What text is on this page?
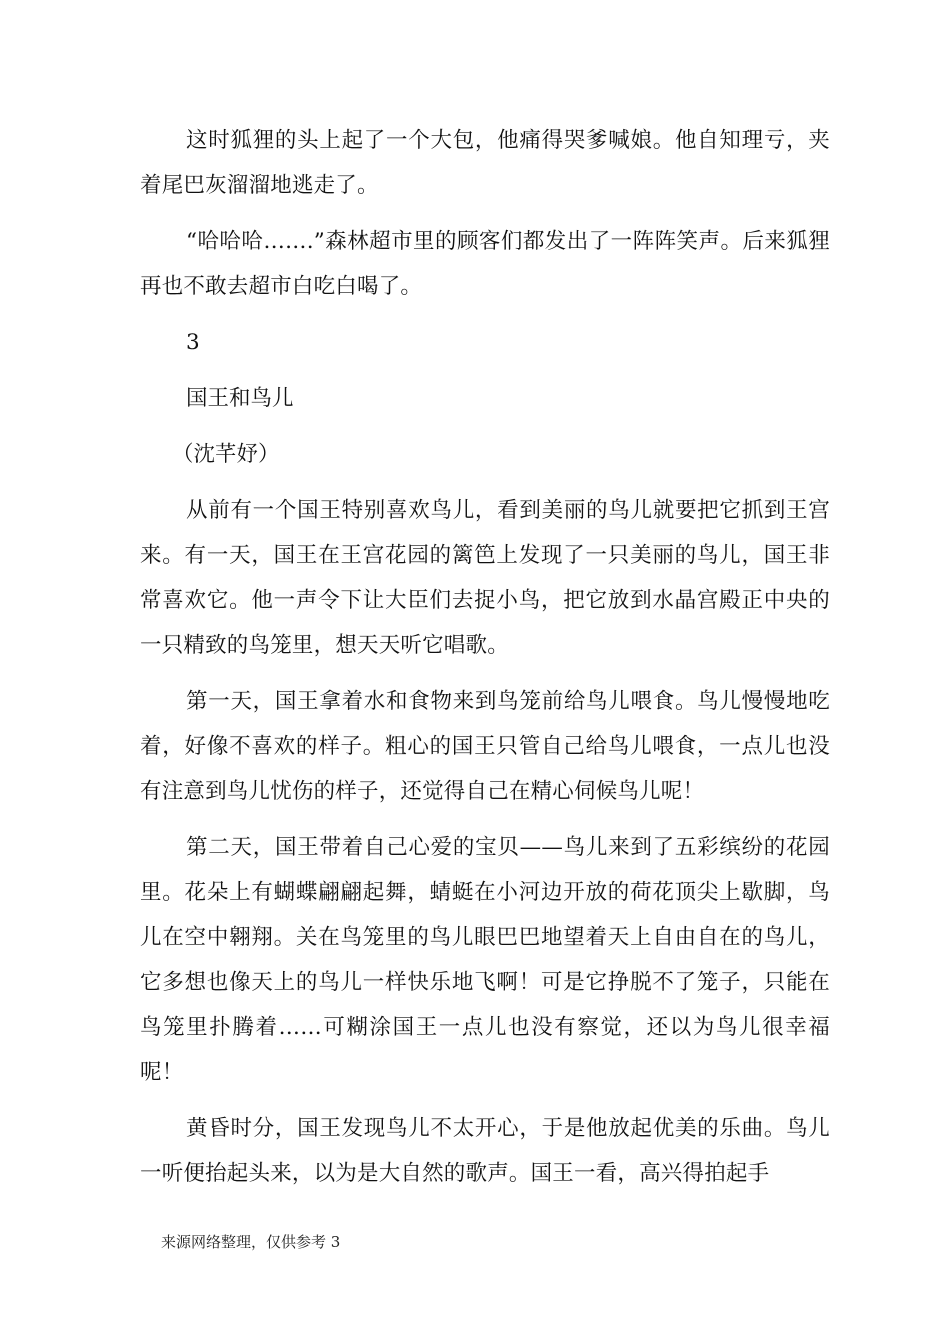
这时狐狸的头上起了一个大包，他痛得哭爹喊娘。他自知理亏，夹着尾巴灰溜溜地逃走了。

“哈哈哈…….”森林超市里的顾客们都发出了一阵阵笑声。后来狐狸再也不敢去超市白吃白喝了。

3

国王和鸟儿

（沈芊妤）

从前有一个国王特别喜欢鸟儿，看到美丽的鸟儿就要把它抓到王宫来。有一天，国王在王宫花园的篱笆上发现了一只美丽的鸟儿，国王非常喜欢它。他一声令下让大臣们去捉小鸟，把它放到水晶宫殿正中央的一只精致的鸟笼里，想天天听它唱歌。

第一天，国王拿着水和食物来到鸟笼前给鸟儿喂食。鸟儿慢慢地吃着，好像不喜欢的样子。粗心的国王只管自己给鸟儿喂食，一点儿也没有注意到鸟儿忧伤的样子，还觉得自己在精心伺候鸟儿呢！

第二天，国王带着自己心爱的宝贝——鸟儿来到了五彩缤纷的花园里。花朵上有蝴蝶翩翩起舞，蜻蜓在小河边开放的荷花顶尖上歇脚，鸟儿在空中翱翔。关在鸟笼里的鸟儿眼巴巴地望着天上自由自在的鸟儿，它多想也像天上的鸟儿一样快乐地飞啊！可是它挣脱不了笼子，只能在鸟笼里扑腾着……可糊涂国王一点儿也没有察觉，还以为鸟儿很幸福呢！

黄昏时分，国王发现鸟儿不太开心，于是他放起优美的乐曲。鸟儿一听便抬起头来，以为是大自然的歌声。国王一看，高兴得拍起手

来源网络整理，仅供参考 3
